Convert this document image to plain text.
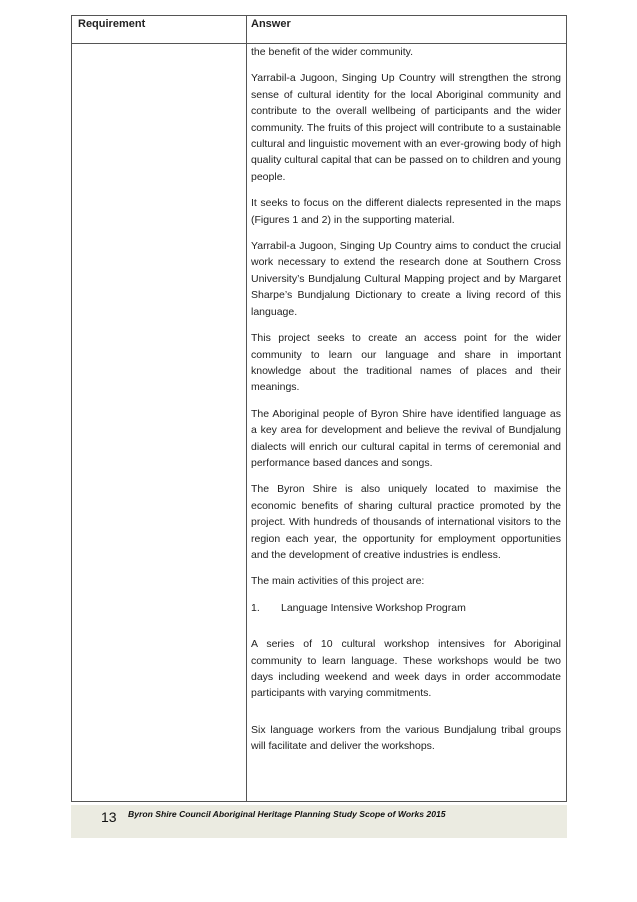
Requirement	Answer

the benefit of the wider community.

Yarrabil-a Jugoon, Singing Up Country will strengthen the strong sense of cultural identity for the local Aboriginal community and contribute to the overall wellbeing of participants and the wider community. The fruits of this project will contribute to a sustainable cultural and linguistic movement with an ever-growing body of high quality cultural capital that can be passed on to children and young people.

It seeks to focus on the different dialects represented in the maps (Figures 1 and 2) in the supporting material.

Yarrabil-a Jugoon, Singing Up Country aims to conduct the crucial work necessary to extend the research done at Southern Cross University’s Bundjalung Cultural Mapping project and by Margaret Sharpe’s Bundjalung Dictionary to create a living record of this language.

This project seeks to create an access point for the wider community to learn our language and share in important knowledge about the traditional names of places and their meanings.

The Aboriginal people of Byron Shire have identified language as a key area for development and believe the revival of Bundjalung dialects will enrich our cultural capital in terms of ceremonial and performance based dances and songs.

The Byron Shire is also uniquely located to maximise the economic benefits of sharing cultural practice promoted by the project. With hundreds of thousands of international visitors to the region each year, the opportunity for employment opportunities and the development of creative industries is endless.

The main activities of this project are:

1. Language Intensive Workshop Program

A series of 10 cultural workshop intensives for Aboriginal community to learn language. These workshops would be two days including weekend and week days in order accommodate participants with varying commitments.

Six language workers from the various Bundjalung tribal groups will facilitate and deliver the workshops.

13 Byron Shire Council Aboriginal Heritage Planning Study Scope of Works 2015
